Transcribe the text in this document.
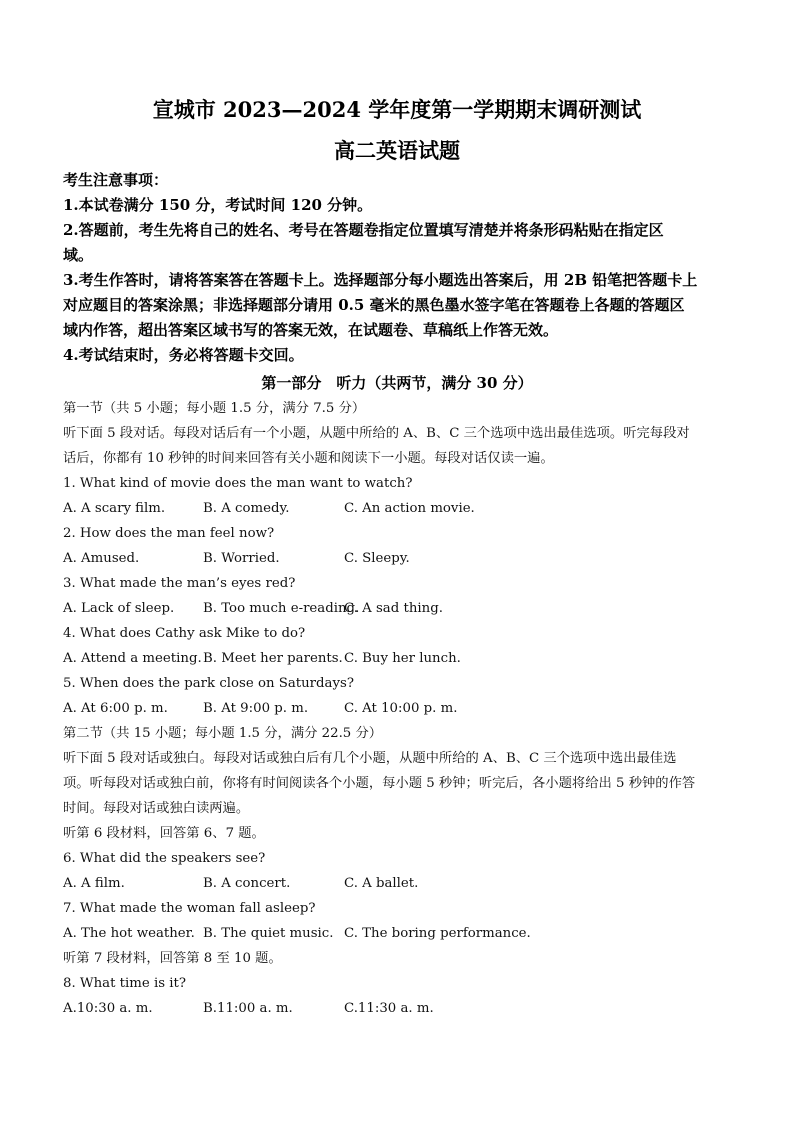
宣城市 2023—2024 学年度第一学期期末调研测试
高二英语试题
考生注意事项：
1.本试卷满分 150 分，考试时间 120 分钟。
2.答题前，考生先将自己的姓名、考号在答题卷指定位置填写清楚并将条形码粘贴在指定区
域。
3.考生作答时，请将答案答在答题卡上。选择题部分每小题选出答案后，用 2B 铅笔把答题卡上
对应题目的答案涂黑；非选择题部分请用 0.5 毫米的黑色墨水签字笔在答题卷上各题的答题区
域内作答，超出答案区域书写的答案无效，在试题卷、草稿纸上作答无效。
4.考试结束时，务必将答题卡交回。
第一部分　听力（共两节，满分 30 分）
第一节（共 5 小题；每小题 1.5 分，满分 7.5 分）
听下面 5 段对话。每段对话后有一个小题，从题中所给的 A、B、C 三个选项中选出最佳选项。听完每段对
话后，你都有 10 秒钟的时间来回答有关小题和阅读下一小题。每段对话仅读一遍。
1. What kind of movie does the man want to watch?
A. A scary film.	B. A comedy.	C. An action movie.
2. How does the man feel now?
A. Amused.	B. Worried.	C. Sleepy.
3. What made the man’s eyes red?
A. Lack of sleep. B. Too much e-reading.
C. A sad thing.
4. What does Cathy ask Mike to do?
A. Attend a meeting. B. Meet her parents. C. Buy her lunch.
5. When does the park close on Saturdays?
A. At 6:00 p. m.	B. At 9:00 p. m.	C. At 10:00 p. m.
第二节（共 15 小题；每小题 1.5 分，满分 22.5 分）
听下面 5 段对话或独白。每段对话或独白后有几个小题，从题中所给的 A、B、C 三个选项中选出最佳选
项。听每段对话或独白前，你将有时间阅读各个小题，每小题 5 秒钟；听完后，各小题将给出 5 秒钟的作答
时间。每段对话或独白读两遍。
听第 6 段材料，回答第 6、7 题。
6. What did the speakers see?
A. A film.	B. A concert.	C. A ballet.
7. What made the woman fall asleep?
A. The hot weather. B. The quiet music. C. The boring performance.
听第 7 段材料，回答第 8 至 10 题。
8. What time is it?
A.10:30 a. m.	B.11:00 a. m.	C.11:30 a. m.
